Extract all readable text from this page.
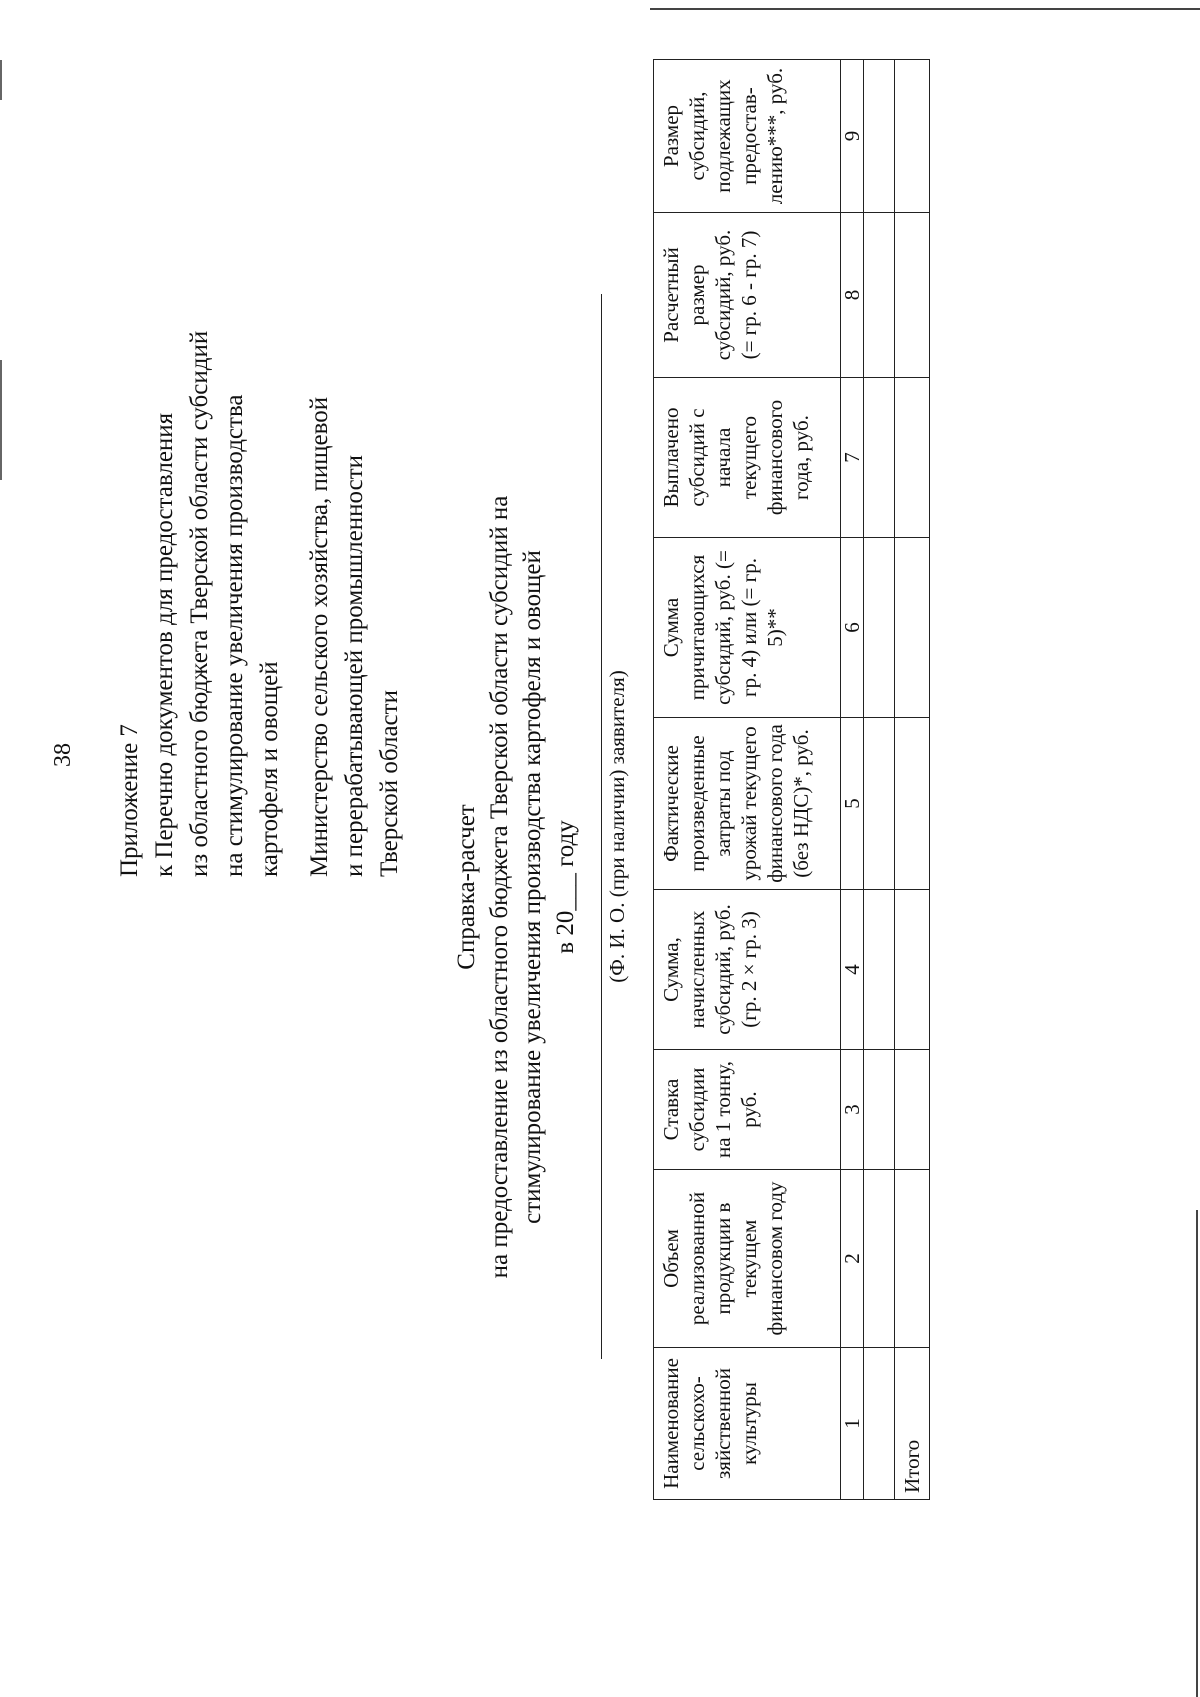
38 Приложение 7 к Перечню документов для предоставления из областного бюджета Тверской области субсидий на стимулирование увеличения производства картофеля и овощей Министерство сельского хозяйства, пищевой и перерабатывающей промышленности Тверской области
Справка-расчет на предоставление из областного бюджета Тверской области субсидий на стимулирование увеличения производства картофеля и овощей в 20___ году (Ф. И. О. (при наличии) заявителя)
Наименование сельскохо-зяйственной культуры	Объем реализованной продукции в текущем финансовом году	Ставка субсидии на 1 тонну, руб.	Сумма, начисленных субсидий, руб. (гр. 2 × гр. 3)	Фактические произведенные затраты под урожай текущего финансового года (без НДС)*, руб.	Сумма причитающихся субсидий, руб. (= гр. 4) или (= гр. 5)**	Выплачено субсидий с начала текущего финансового года, руб.	Расчетный размер субсидий, руб. (= гр. 6 - гр. 7)	Размер субсидий, подлежащих предостав-лению***, руб.
1	2	3	4	5	6	7	8	9

Итого								
